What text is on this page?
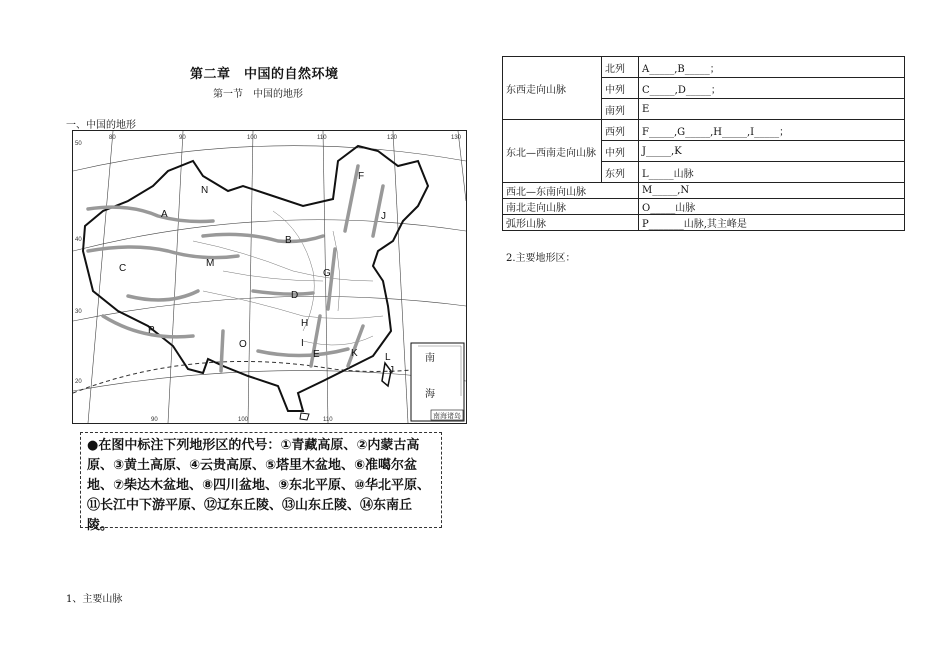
第二章　中国的自然环境
第一节　中国的地形
一、中国的地形
南
海
南海诸岛
50
40
30
20
80	90	100	110	120	130
90	100	110
A
B
C
D
E
F
G
H
I
J
K	L
M
N
O
P
J
●在图中标注下列地形区的代号：①青藏高原、②内蒙古高原、③黄土高原、④云贵高原、⑤塔里木盆地、⑥准噶尔盆地、⑦柴达木盆地、⑧四川盆地、⑨东北平原、⑩华北平原、⑪长江中下游平原、⑫辽东丘陵、⑬山东丘陵、⑭东南丘陵。
1、主要山脉
东西走向山脉	北列	A_____,B_____；
	中列	C_____,D_____；
	南列	E
东北—西南走向山脉	西列	F_____,G_____,H_____,I_____；
	中列	J_____,K
	东列	L_____山脉
西北—东南向山脉		M_____,N
南北走向山脉		O_____山脉
弧形山脉		P_______山脉,其主峰是
2.主要地形区：
